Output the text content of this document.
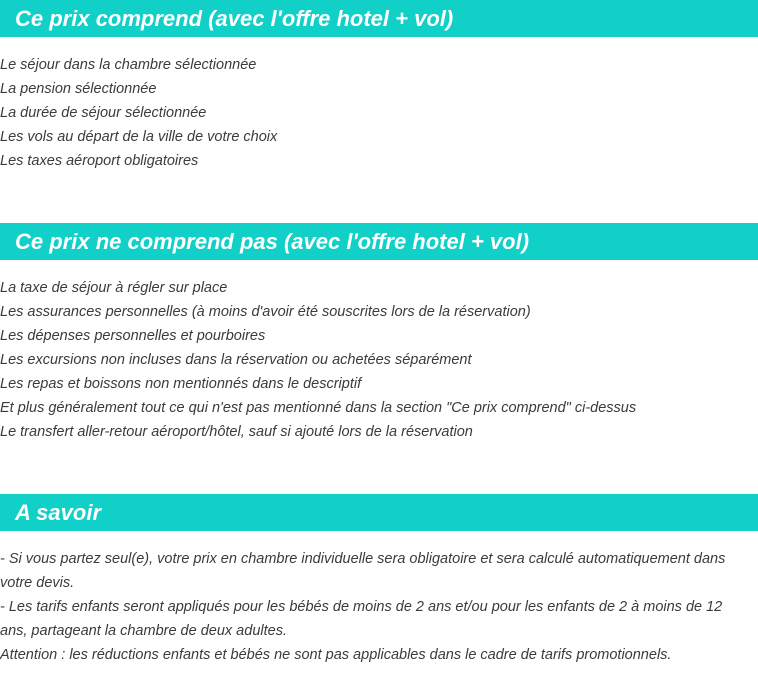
Ce prix comprend (avec l'offre hotel + vol)
Le séjour dans la chambre sélectionnée
La pension sélectionnée
La durée de séjour sélectionnée
Les vols au départ de la ville de votre choix
Les taxes aéroport obligatoires
Ce prix ne comprend pas (avec l'offre hotel + vol)
La taxe de séjour à régler sur place
Les assurances personnelles (à moins d'avoir été souscrites lors de la réservation)
Les dépenses personnelles et pourboires
Les excursions non incluses dans la réservation ou achetées séparément
Les repas et boissons non mentionnés dans le descriptif
Et plus généralement tout ce qui n'est pas mentionné dans la section "Ce prix comprend" ci-dessus
Le transfert aller-retour aéroport/hôtel, sauf si ajouté lors de la réservation
A savoir

- Si vous partez seul(e), votre prix en chambre individuelle sera obligatoire et sera calculé automatiquement dans votre devis.

- Les tarifs enfants seront appliqués pour les bébés de moins de 2 ans et/ou pour les enfants de 2 à moins de 12 ans, partageant la chambre de deux adultes.

Attention : les réductions enfants et bébés ne sont pas applicables dans le cadre de tarifs promotionnels.
